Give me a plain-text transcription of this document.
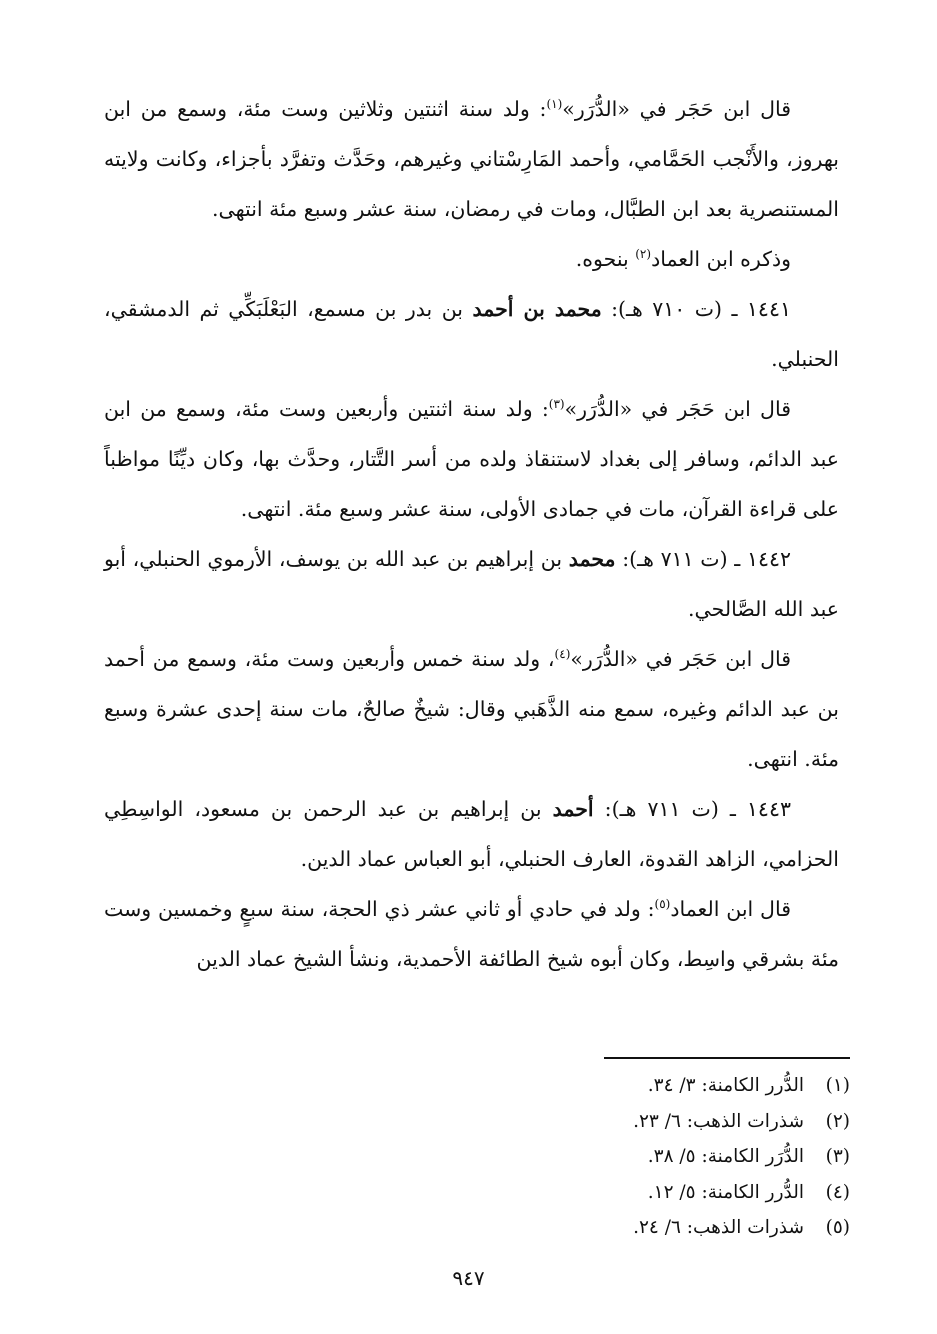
قال ابن حَجَر في «الدُّرَر»$^{(١)}$: ولد سنة اثنتين وثلاثين وست مئة، وسمع من ابن بهروز، والأَنْجب الحَمَّامي، وأحمد المَارِسْتاني وغيرهم، وحَدَّث وتفرَّد بأجزاء، وكانت ولايته المستنصرية بعد ابن الطبَّال، ومات في رمضان، سنة عشر وسبع مئة انتهى.

وذكره ابن العماد$^{(٢)}$ بنحوه.

١٤٤١ ـ (ت ٧١٠ هـ): محمد بن أحمد بن بدر بن مسمع، البَعْلَبَكِّي ثم الدمشقي، الحنبلي.

قال ابن حَجَر في «الدُّرَر»$^{(٣)}$: ولد سنة اثنتين وأربعين وست مئة، وسمع من ابن عبد الدائم، وسافر إلى بغداد لاستنقاذ ولده من أسر التَّتار، وحدَّث بها، وكان ديِّنًا مواظباً على قراءة القرآن، مات في جمادى الأولى، سنة عشر وسبع مئة. انتهى.

١٤٤٢ ـ (ت ٧١١ هـ): محمد بن إبراهيم بن عبد الله بن يوسف، الأرموي الحنبلي، أبو عبد الله الصَّالحي.

قال ابن حَجَر في «الدُّرَر»$^{(٤)}$، ولد سنة خمس وأربعين وست مئة، وسمع من أحمد بن عبد الدائم وغيره، سمع منه الذَّهَبي وقال: شيخٌ صالحٌ، مات سنة إحدى عشرة وسبع مئة. انتهى.

١٤٤٣ ـ (ت ٧١١ هـ): أحمد بن إبراهيم بن عبد الرحمن بن مسعود، الواسِطِي الحزامي، الزاهد القدوة، العارف الحنبلي، أبو العباس عماد الدين.

قال ابن العماد$^{(٥)}$: ولد في حادي أو ثاني عشر ذي الحجة، سنة سبعٍ وخمسين وست مئة بشرقي واسِط، وكان أبوه شيخ الطائفة الأحمدية، ونشأ الشيخ عماد الدين

(١)الدُّرر الكامنة: ٣/ ٣٤.
(٢)شذرات الذهب: ٦/ ٢٣.
(٣)الدُّرَر الكامنة: ٥/ ٣٨.
(٤)الدُّرر الكامنة: ٥/ ١٢.
(٥)شذرات الذهب: ٦/ ٢٤.
٩٤٧
